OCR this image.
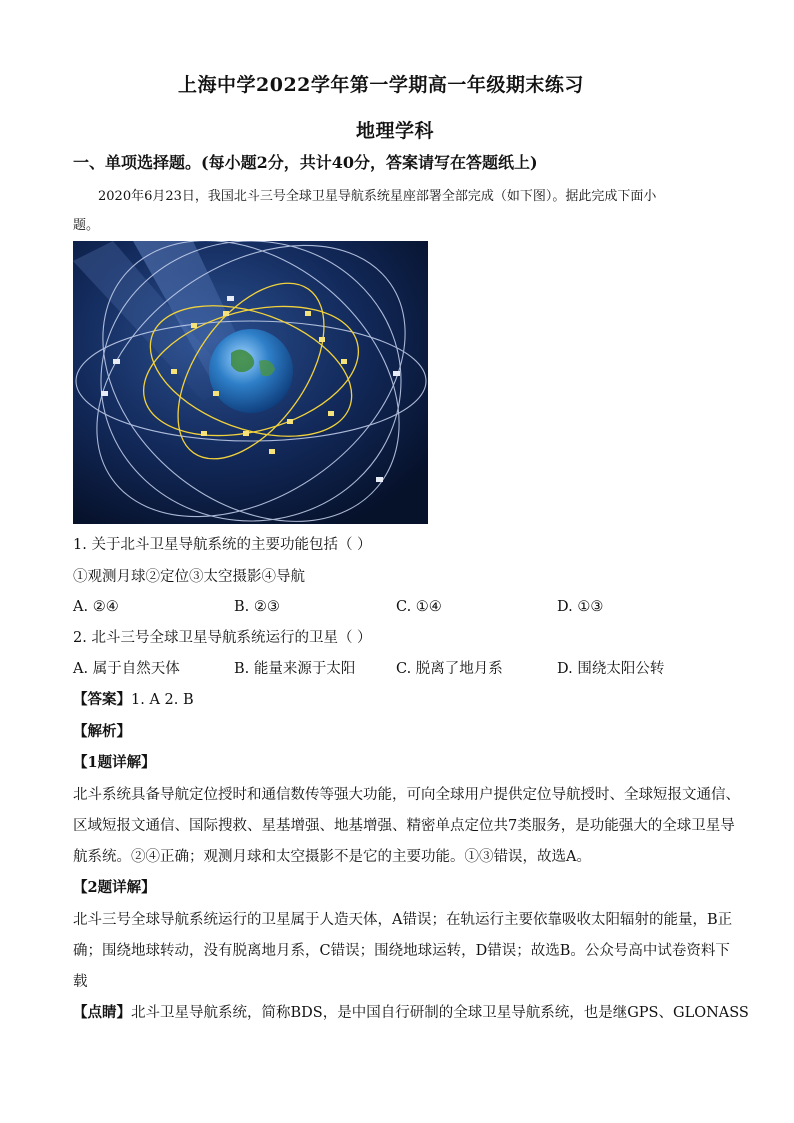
上海中学2022学年第一学期高一年级期末练习
地理学科
一、单项选择题。(每小题2分，共计40分，答案请写在答题纸上)
2020年6月23日，我国北斗三号全球卫星导航系统星座部署全部完成（如下图）。据此完成下面小
题。
1. 关于北斗卫星导航系统的主要功能包括（ ）
①观测月球②定位③太空摄影④导航
A. ②④	B. ②③	C. ①④	D. ①③
2. 北斗三号全球卫星导航系统运行的卫星（ ）
A. 属于自然天体	B. 能量来源于太阳	C. 脱离了地月系	D. 围绕太阳公转
【答案】1. A 2. B
【解析】
【1题详解】
北斗系统具备导航定位授时和通信数传等强大功能，可向全球用户提供定位导航授时、全球短报文通信、
区域短报文通信、国际搜救、星基增强、地基增强、精密单点定位共7类服务，是功能强大的全球卫星导
航系统。②④正确；观测月球和太空摄影不是它的主要功能。①③错误，故选A。
【2题详解】
北斗三号全球导航系统运行的卫星属于人造天体，A错误；在轨运行主要依靠吸收太阳辐射的能量，B正
确；围绕地球转动，没有脱离地月系，C错误；围绕地球运转，D错误；故选B。公众号高中试卷资料下
载
【点睛】北斗卫星导航系统，简称BDS，是中国自行研制的全球卫星导航系统，也是继GPS、GLONASS
